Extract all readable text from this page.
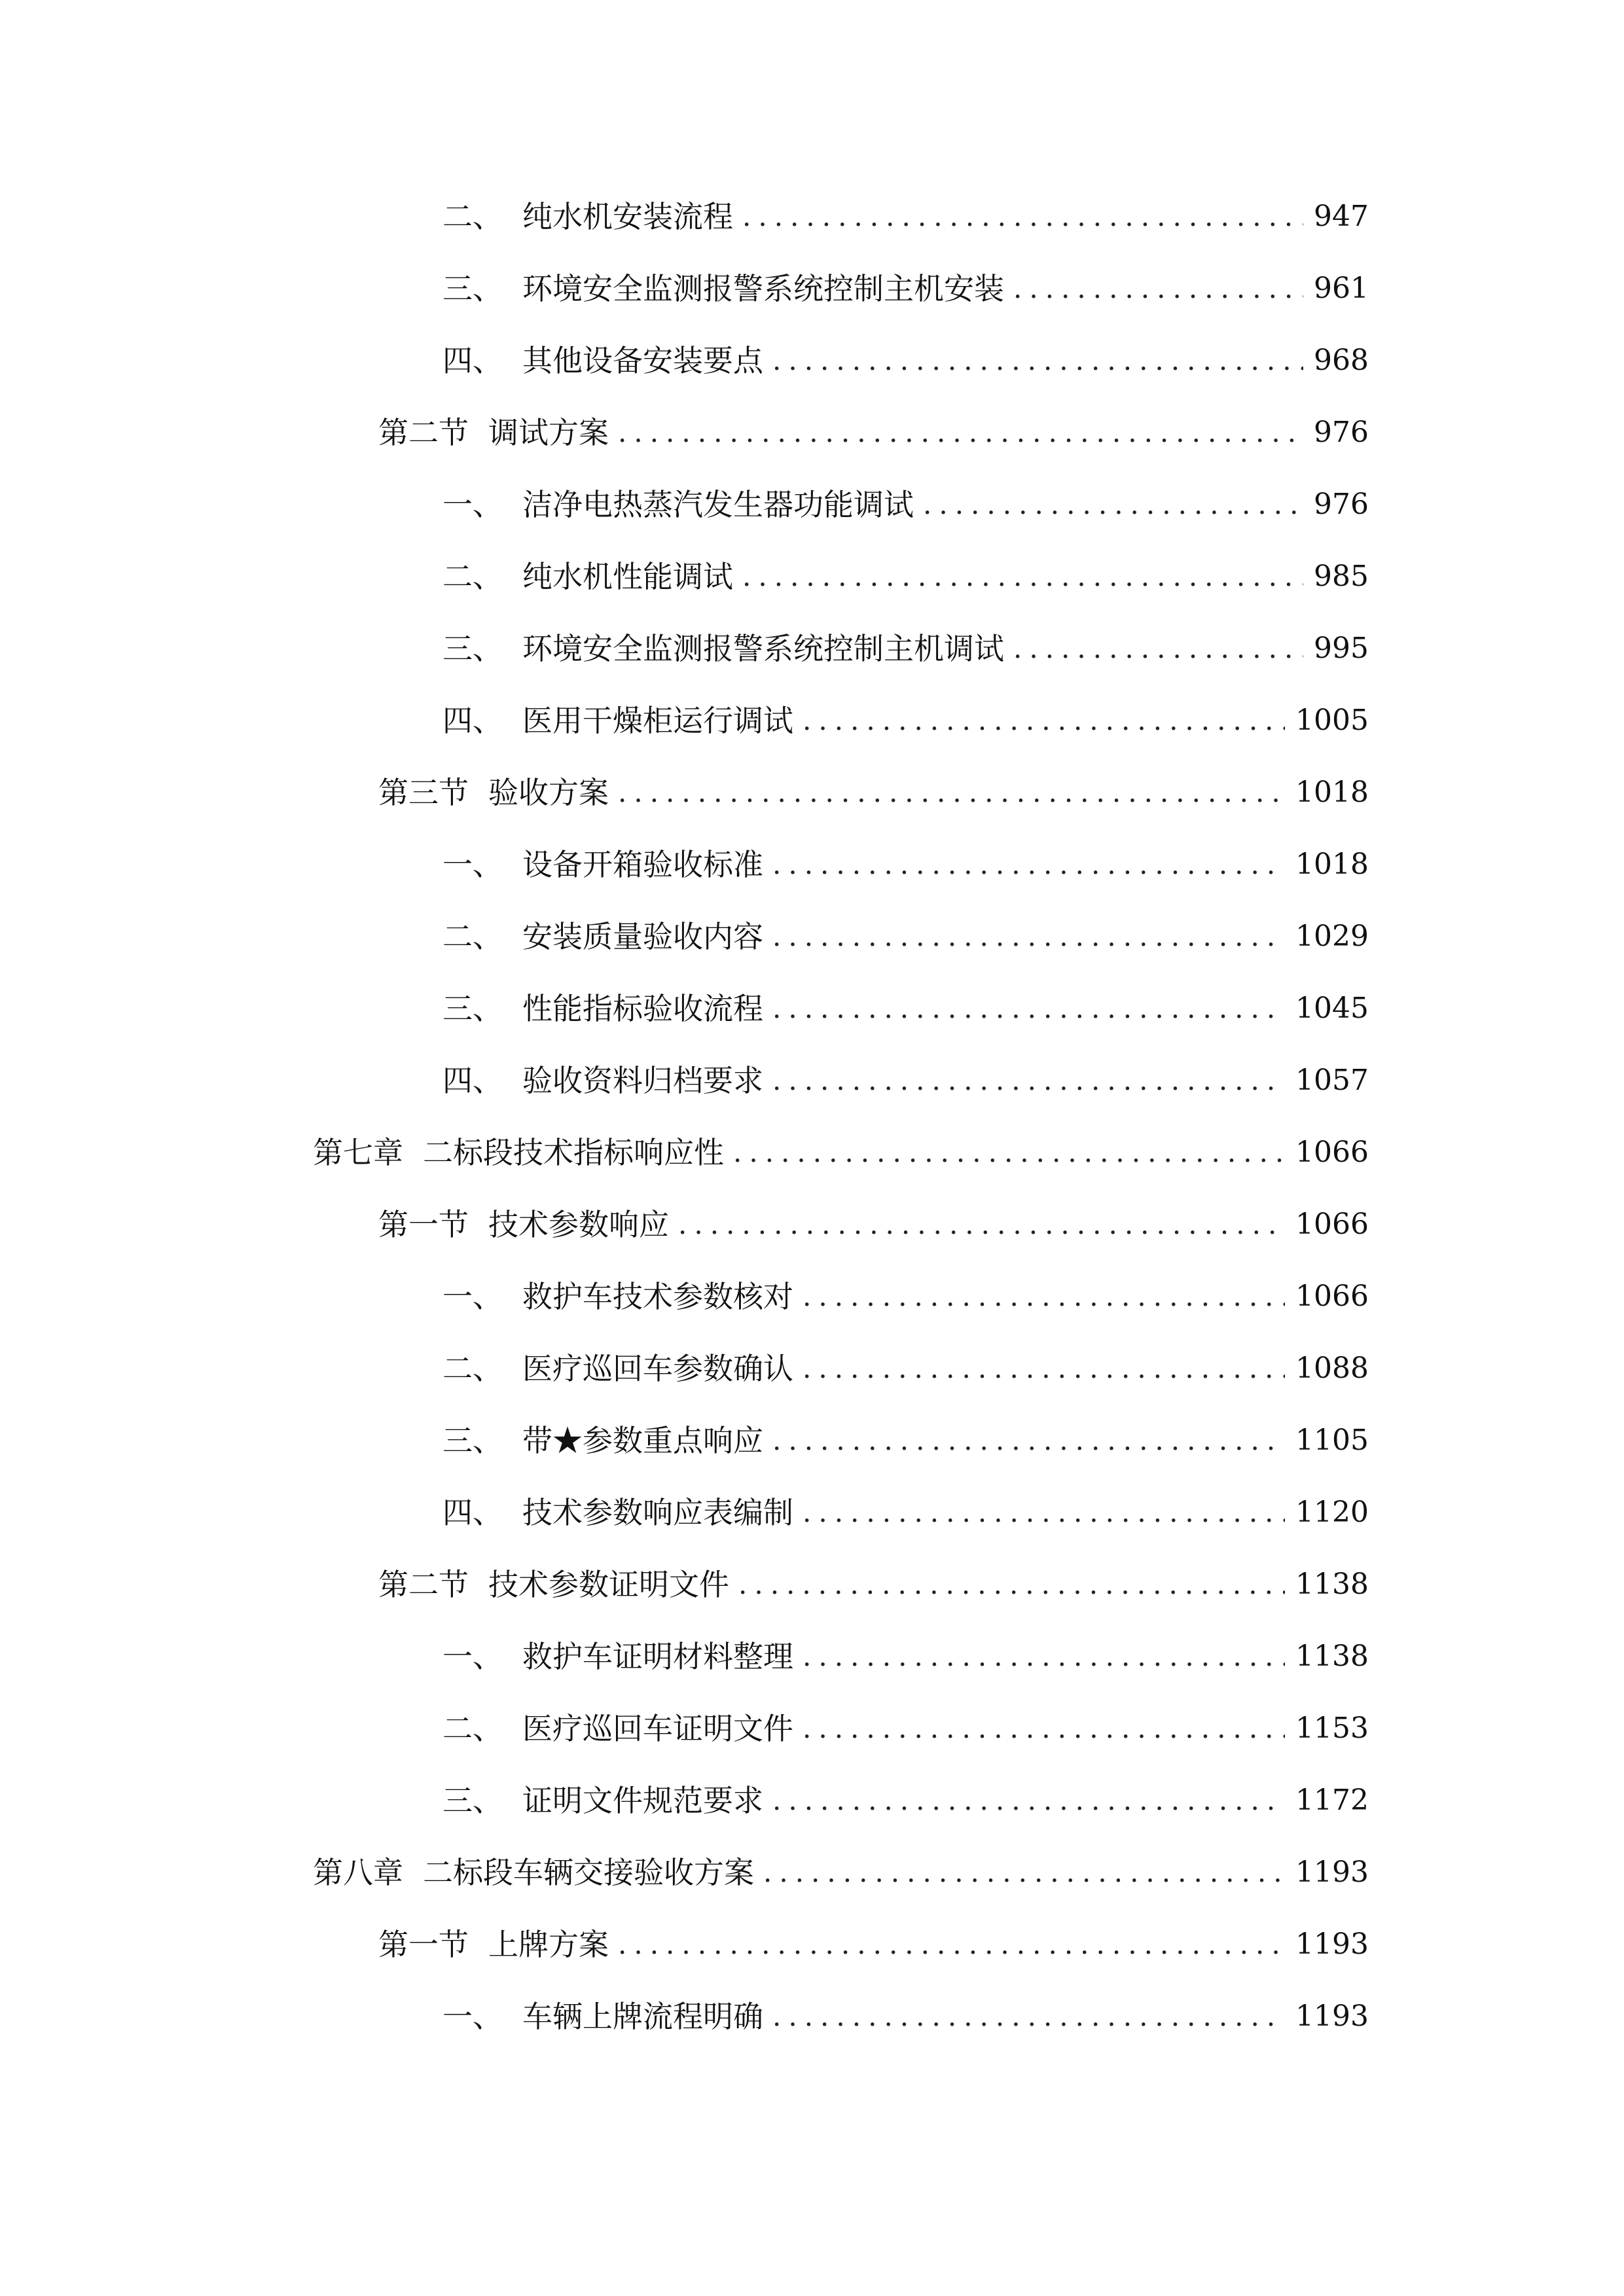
二、 纯水机安装流程 .....	947
三、 环境安全监测报警系统控制主机安装 .....	961
四、 其他设备安装要点 .....	968
第二节 调试方案 .....	976
一、 洁净电热蒸汽发生器功能调试 .....	976
二、 纯水机性能调试 .....	985
三、 环境安全监测报警系统控制主机调试 .....	995
四、 医用干燥柜运行调试 .....	1005
第三节 验收方案 .....	1018
一、 设备开箱验收标准 .....	1018
二、 安装质量验收内容 .....	1029
三、 性能指标验收流程 .....	1045
四、 验收资料归档要求 .....	1057
第七章 二标段技术指标响应性 .....	1066
第一节 技术参数响应 .....	1066
一、 救护车技术参数核对 .....	1066
二、 医疗巡回车参数确认 .....	1088
三、 带★参数重点响应 .....	1105
四、 技术参数响应表编制 .....	1120
第二节 技术参数证明文件 .....	1138
一、 救护车证明材料整理 .....	1138
二、 医疗巡回车证明文件 .....	1153
三、 证明文件规范要求 .....	1172
第八章 二标段车辆交接验收方案 .....	1193
第一节 上牌方案 .....	1193
一、 车辆上牌流程明确 .....	1193
